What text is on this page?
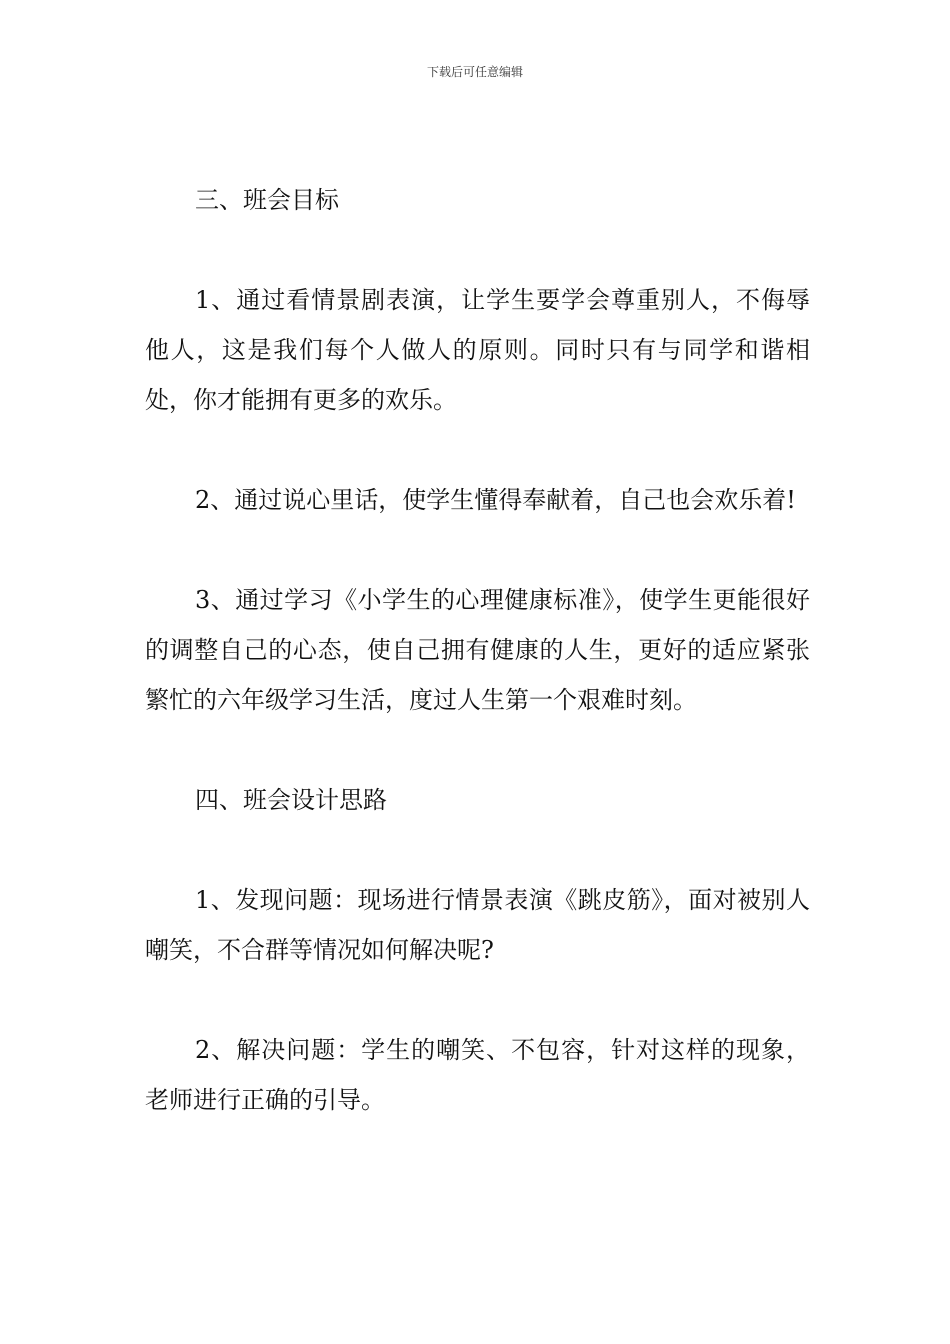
下载后可任意编辑

三、班会目标

1、通过看情景剧表演，让学生要学会尊重别人，不侮辱他人，这是我们每个人做人的原则。同时只有与同学和谐相处，你才能拥有更多的欢乐。

2、通过说心里话，使学生懂得奉献着，自己也会欢乐着!

3、通过学习《小学生的心理健康标准》，使学生更能很好的调整自己的心态，使自己拥有健康的人生，更好的适应紧张繁忙的六年级学习生活，度过人生第一个艰难时刻。

四、班会设计思路

1、发现问题：现场进行情景表演《跳皮筋》，面对被别人嘲笑，不合群等情况如何解决呢?

2、解决问题：学生的嘲笑、不包容，针对这样的现象，老师进行正确的引导。
